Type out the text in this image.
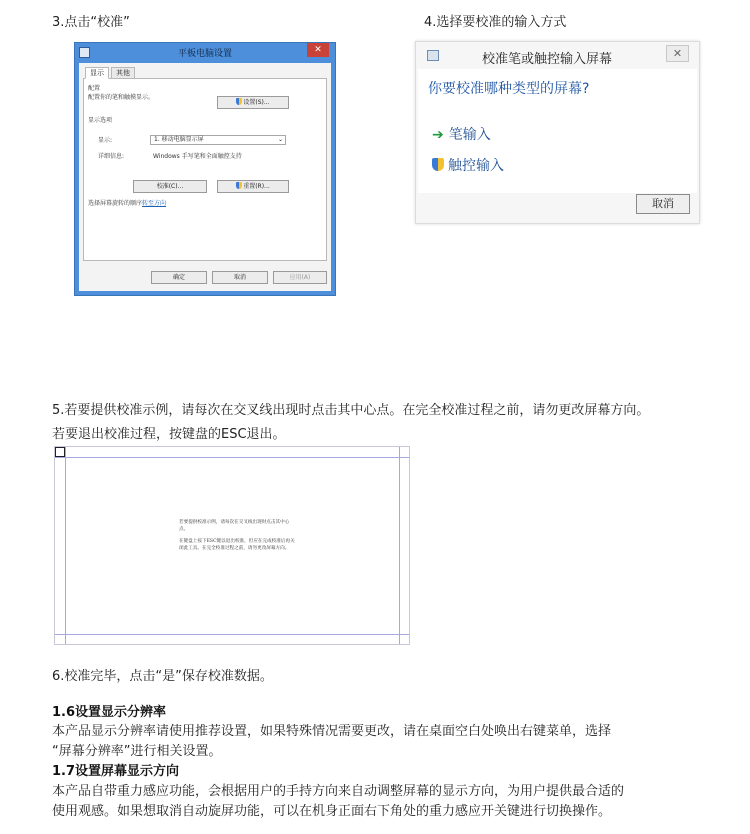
3.点击“校准”	4.选择要校准的输入方式
平板电脑设置	✕
显示	其他
配置
配置你的笔和触摸显示。
设置(S)...
显示选项
显示:	1. 移动电脑显示屏	⌄
详细信息:	Windows 手写笔和全面触控支持
校准(C)...	重置(R)...
选择屏幕旋转的顺序转至方向
确定	取消	应用(A)
校准笔或触控输入屏幕	✕
你要校准哪种类型的屏幕?
➔ 笔输入
触控输入
取消
5.若要提供校准示例，请每次在交叉线出现时点击其中心点。在完全校准过程之前，请勿更改屏幕方向。
若要退出校准过程，按键盘的ESC退出。
若要提供校准示例，请每次在交叉线出现时点击其中心点。
在键盘上按下ESC键以退出校准，但应在完成校准后再关闭此工具。在完全校准过程之前，请勿更改屏幕方向。
6.校准完毕，点击“是”保存校准数据。
1.6设置显示分辨率
本产品显示分辨率请使用推荐设置，如果特殊情况需要更改，请在桌面空白处唤出右键菜单，选择
“屏幕分辨率”进行相关设置。
1.7设置屏幕显示方向
本产品自带重力感应功能，会根据用户的手持方向来自动调整屏幕的显示方向，为用户提供最合适的
使用观感。如果想取消自动旋屏功能，可以在机身正面右下角处的重力感应开关键进行切换操作。
